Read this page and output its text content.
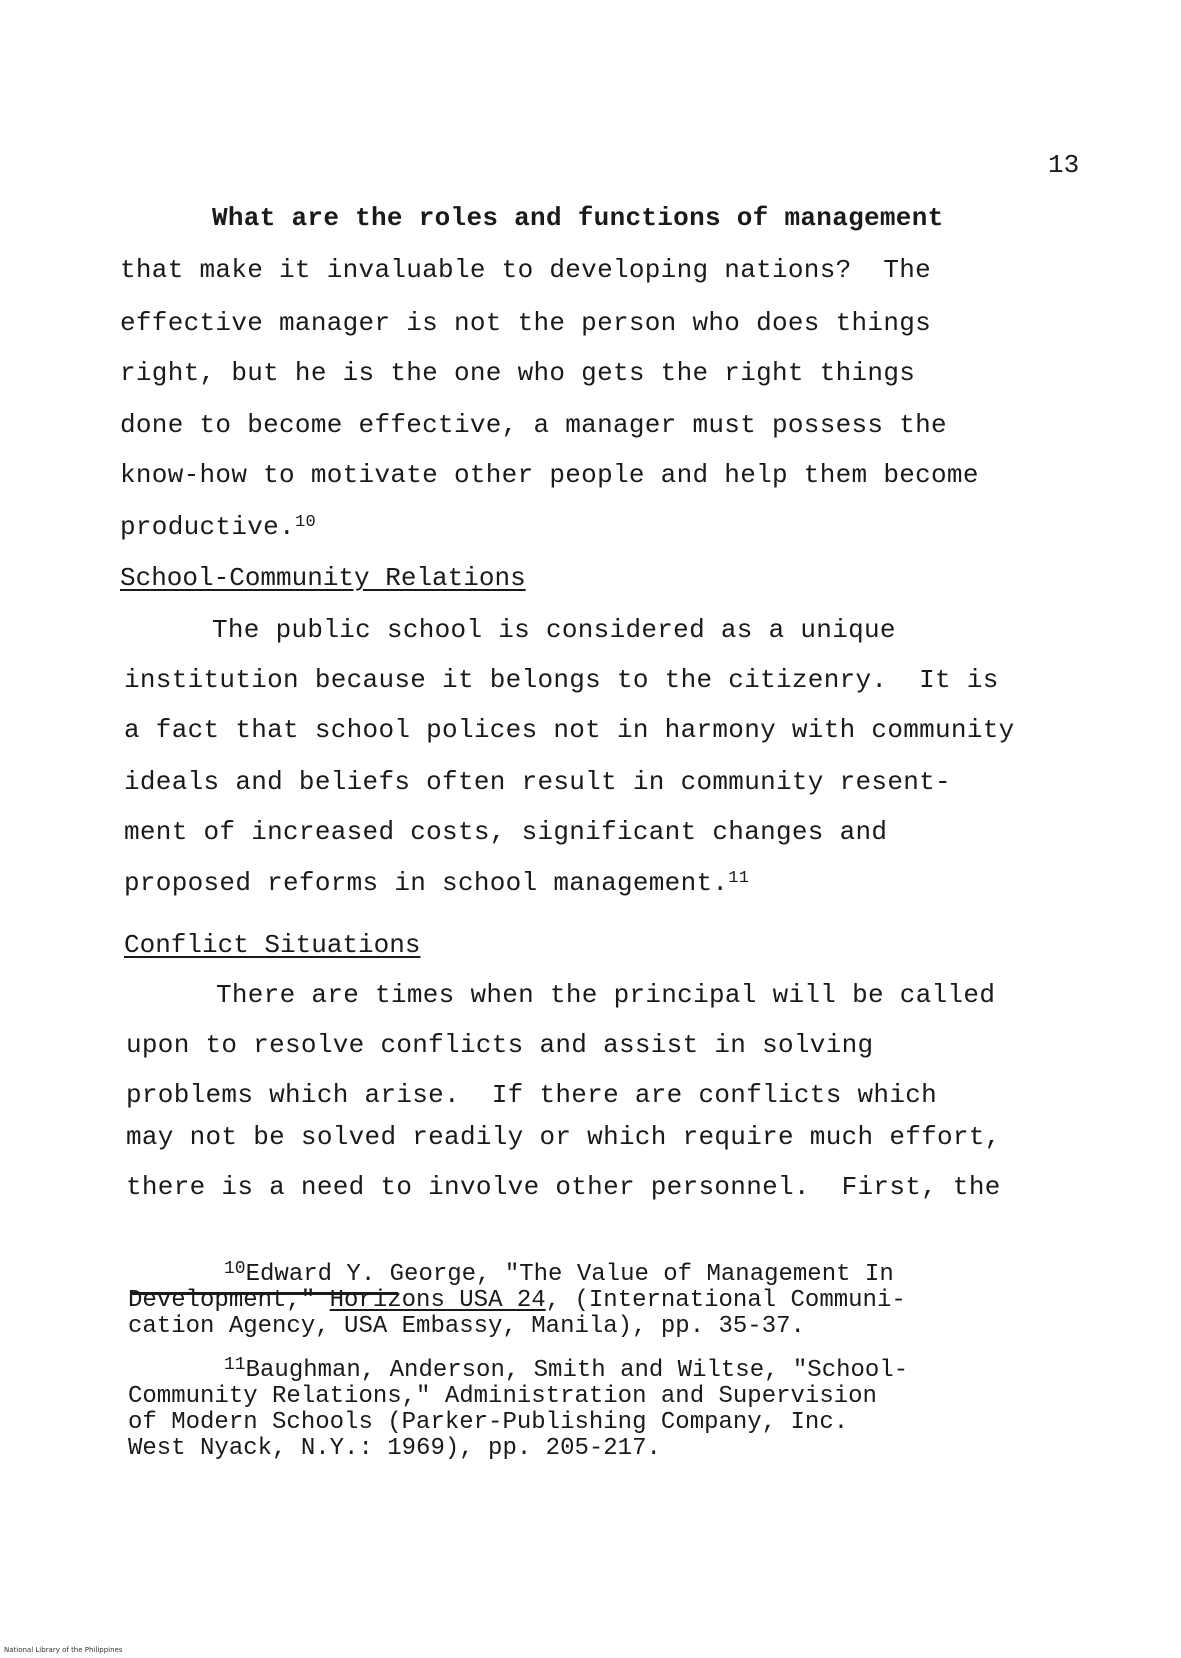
13
What are the roles and functions of management
that make it invaluable to developing nations?  The
effective manager is not the person who does things
right, but he is the one who gets the right things
done to become effective, a manager must possess the
know-how to motivate other people and help them become
productive.$^{10}$
School-Community Relations
The public school is considered as a unique
institution because it belongs to the citizenry.  It is
a fact that school polices not in harmony with community
ideals and beliefs often result in community resent-
ment of increased costs, significant changes and
proposed reforms in school management.$^{11}$
Conflict Situations
There are times when the principal will be called
upon to resolve conflicts and assist in solving
problems which arise.  If there are conflicts which
may not be solved readily or which require much effort,
there is a need to involve other personnel.  First, the
$^{10}$Edward Y. George, "The Value of Management In
Development," Horizons USA 24, (International Communi-
cation Agency, USA Embassy, Manila), pp. 35-37.
$^{11}$Baughman, Anderson, Smith and Wiltse, "School-
Community Relations," Administration and Supervision
of Modern Schools (Parker-Publishing Company, Inc.
West Nyack, N.Y.: 1969), pp. 205-217.
National Library of the Philippines
